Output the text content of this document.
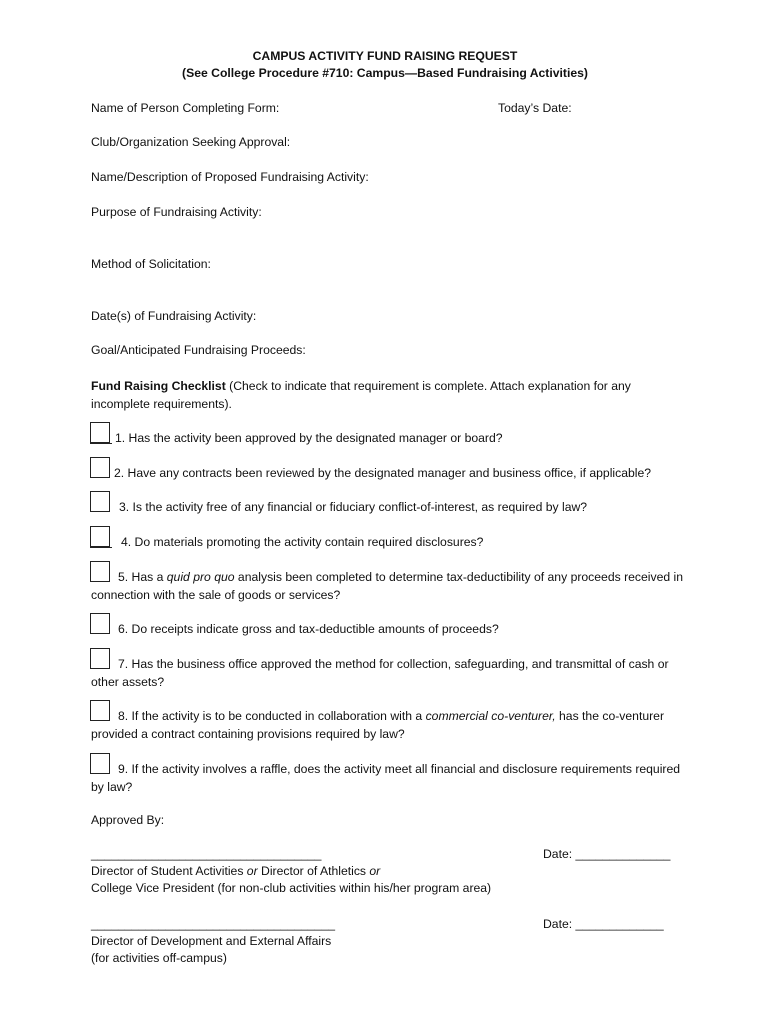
CAMPUS ACTIVITY FUND RAISING REQUEST
(See College Procedure #710: Campus—Based Fundraising Activities)
Name of Person Completing Form:	Today’s Date:
Club/Organization Seeking Approval:
Name/Description of Proposed Fundraising Activity:
Purpose of Fundraising Activity:
Method of Solicitation:
Date(s) of Fundraising Activity:
Goal/Anticipated Fundraising Proceeds:
Fund Raising Checklist (Check to indicate that requirement is complete. Attach explanation for any incomplete requirements).
1. Has the activity been approved by the designated manager or board?
2. Have any contracts been reviewed by the designated manager and business office, if applicable?
3. Is the activity free of any financial or fiduciary conflict-of-interest, as required by law?
4. Do materials promoting the activity contain required disclosures?
5. Has a quid pro quo analysis been completed to determine tax-deductibility of any proceeds received in connection with the sale of goods or services?
6. Do receipts indicate gross and tax-deductible amounts of proceeds?
7. Has the business office approved the method for collection, safeguarding, and transmittal of cash or other assets?
8. If the activity is to be conducted in collaboration with a commercial co-venturer, has the co-venturer provided a contract containing provisions required by law?
9. If the activity involves a raffle, does the activity meet all financial and disclosure requirements required by law?
Approved By:
__________________________________	Date: ______________
Director of Student Activities or Director of Athletics or
College Vice President (for non-club activities within his/her program area)
____________________________________	Date: _____________
Director of Development and External Affairs
(for activities off-campus)
